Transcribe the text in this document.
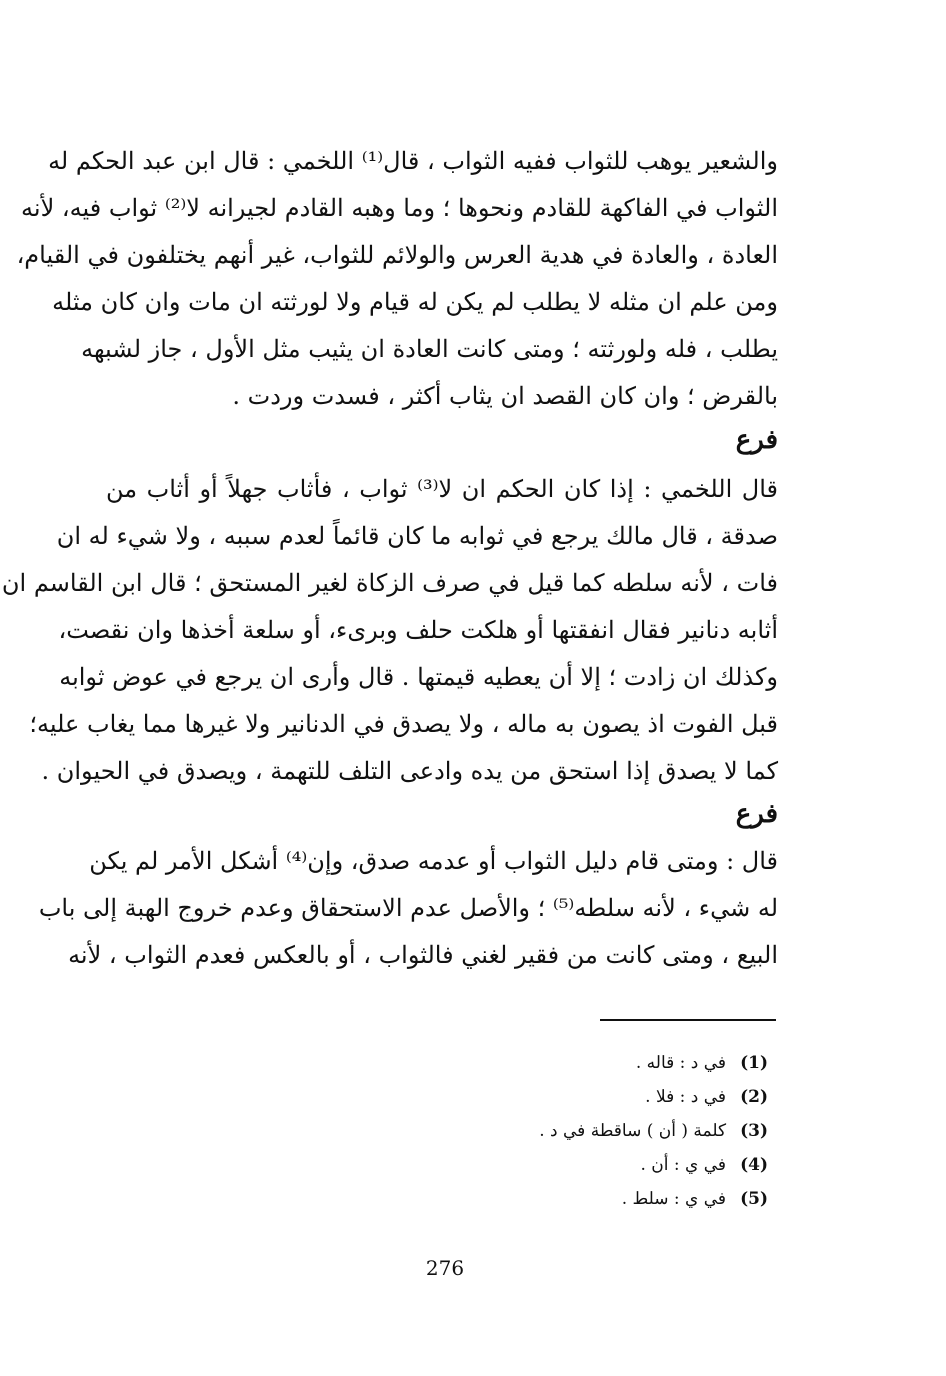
والشعير يوهب للثواب ففيه الثواب ، قال⁽¹⁾ اللخمي : قال ابن عبد الحكم له
الثواب في الفاكهة للقادم ونحوها ؛ وما وهبه القادم لجيرانه لا⁽²⁾ ثواب فيه، لأنه
العادة ، والعادة في هدية العرس والولائم للثواب، غير أنهم يختلفون في القيام،
ومن علم ان مثله لا يطلب لم يكن له قيام ولا لورثته ان مات وان كان مثله
يطلب ، فله ولورثته ؛ ومتى كانت العادة ان يثيب مثل الأول ، جاز لشبهه
بالقرض ؛ وان كان القصد ان يثاب أكثر ، فسدت وردت .
فرع
قال اللخمي : إذا كان الحكم ان لا⁽³⁾ ثواب ، فأثاب جهلاً أو أثاب من
صدقة ، قال مالك يرجع في ثوابه ما كان قائماً لعدم سببه ، ولا شيء له ان
فات ، لأنه سلطه كما قيل في صرف الزكاة لغير المستحق ؛ قال ابن القاسم ان
أثابه دنانير فقال انفقتها أو هلكت حلف وبرىء، أو سلعة أخذها وان نقصت،
وكذلك ان زادت ؛ إلا أن يعطيه قيمتها . قال وأرى ان يرجع في عوض ثوابه
قبل الفوت اذ يصون به ماله ، ولا يصدق في الدنانير ولا غيرها مما يغاب عليه؛
كما لا يصدق إذا استحق من يده وادعى التلف للتهمة ، ويصدق في الحيوان .
فرع
قال : ومتى قام دليل الثواب أو عدمه صدق، وإن⁽⁴⁾ أشكل الأمر لم يكن
له شيء ، لأنه سلطه⁽⁵⁾ ؛ والأصل عدم الاستحقاق وعدم خروج الهبة إلى باب
البيع ، ومتى كانت من فقير لغني فالثواب ، أو بالعكس فعدم الثواب ، لأنه
(1)في د : قاله .
(2)في د : فلا .
(3)كلمة ( أن ) ساقطة في د .
(4)في ي : أن .
(5)في ي : سلط .
276
